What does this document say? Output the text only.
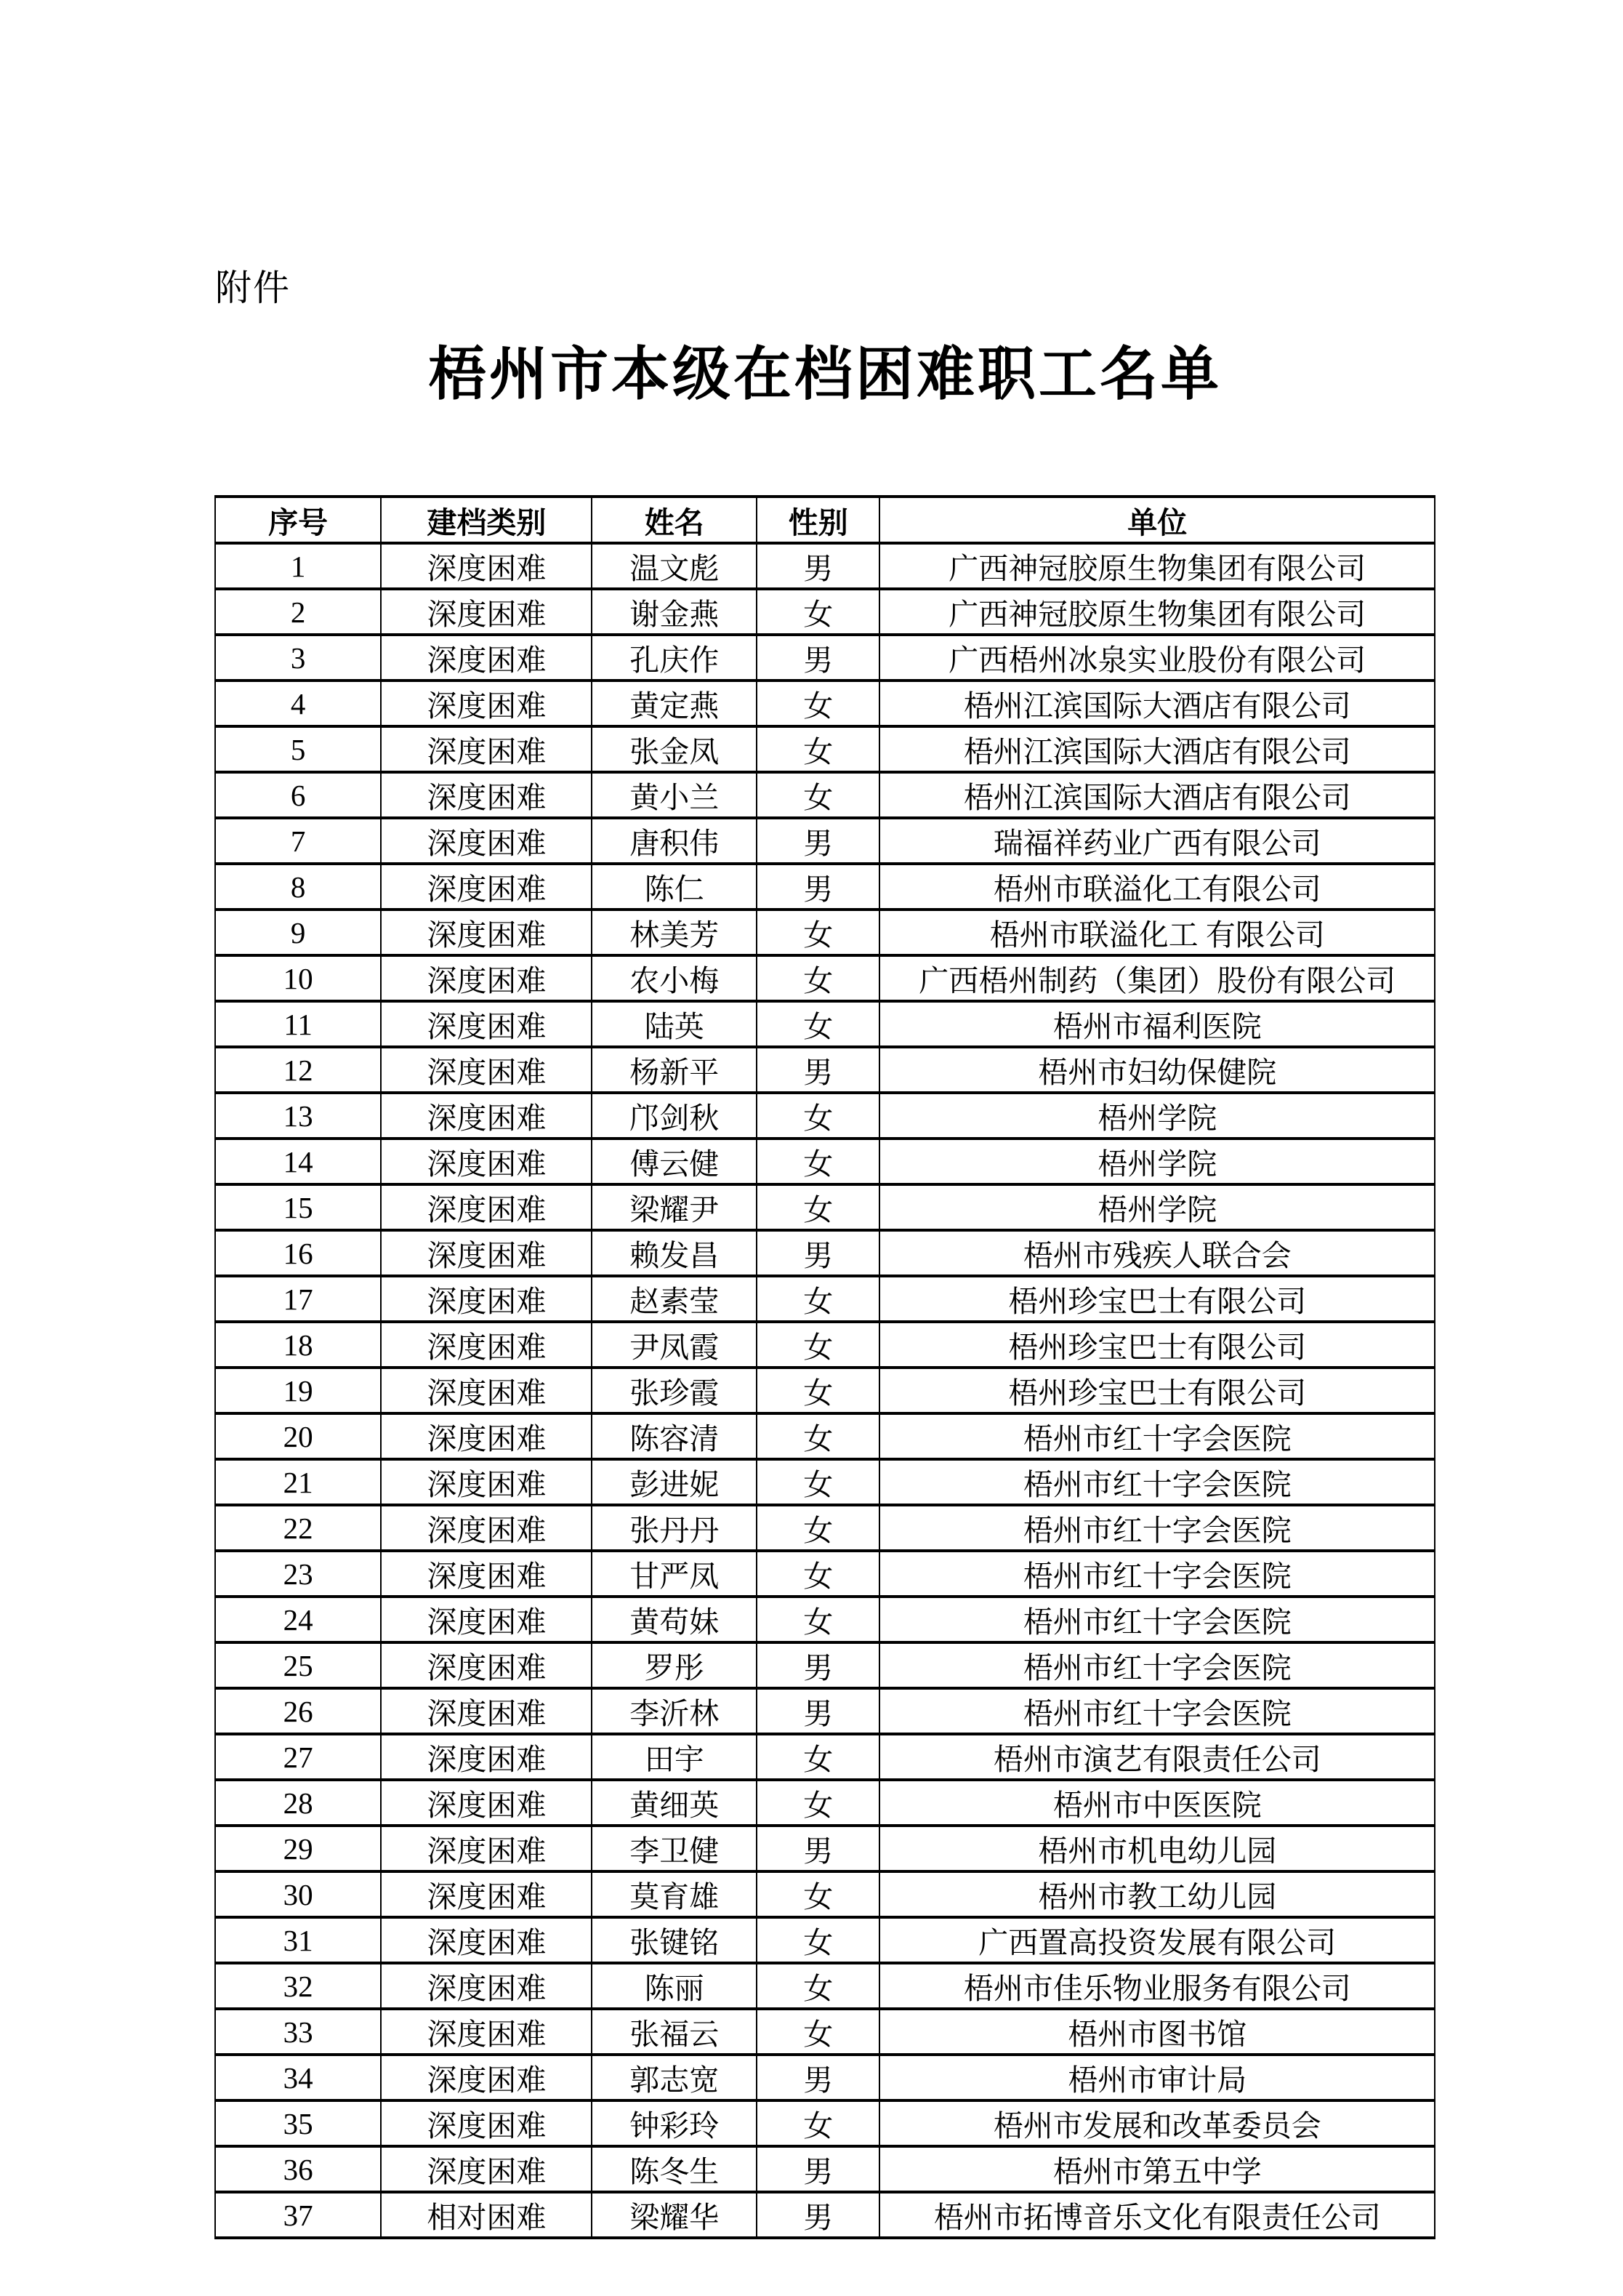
附件
梧州市本级在档困难职工名单
序号	建档类别	姓名	性别	单位
1	深度困难	温文彪	男	广西神冠胶原生物集团有限公司
2	深度困难	谢金燕	女	广西神冠胶原生物集团有限公司
3	深度困难	孔庆作	男	广西梧州冰泉实业股份有限公司
4	深度困难	黄定燕	女	梧州江滨国际大酒店有限公司
5	深度困难	张金凤	女	梧州江滨国际大酒店有限公司
6	深度困难	黄小兰	女	梧州江滨国际大酒店有限公司
7	深度困难	唐积伟	男	瑞福祥药业广西有限公司
8	深度困难	陈仁	男	梧州市联溢化工有限公司
9	深度困难	林美芳	女	梧州市联溢化工 有限公司
10	深度困难	农小梅	女	广西梧州制药（集团）股份有限公司
11	深度困难	陆英	女	梧州市福利医院
12	深度困难	杨新平	男	梧州市妇幼保健院
13	深度困难	邝剑秋	女	梧州学院
14	深度困难	傅云健	女	梧州学院
15	深度困难	梁耀尹	女	梧州学院
16	深度困难	赖发昌	男	梧州市残疾人联合会
17	深度困难	赵素莹	女	梧州珍宝巴士有限公司
18	深度困难	尹凤霞	女	梧州珍宝巴士有限公司
19	深度困难	张珍霞	女	梧州珍宝巴士有限公司
20	深度困难	陈容清	女	梧州市红十字会医院
21	深度困难	彭进妮	女	梧州市红十字会医院
22	深度困难	张丹丹	女	梧州市红十字会医院
23	深度困难	甘严凤	女	梧州市红十字会医院
24	深度困难	黄苟妹	女	梧州市红十字会医院
25	深度困难	罗彤	男	梧州市红十字会医院
26	深度困难	李沂林	男	梧州市红十字会医院
27	深度困难	田宇	女	梧州市演艺有限责任公司
28	深度困难	黄细英	女	梧州市中医医院
29	深度困难	李卫健	男	梧州市机电幼儿园
30	深度困难	莫育雄	女	梧州市教工幼儿园
31	深度困难	张键铭	女	广西置高投资发展有限公司
32	深度困难	陈丽	女	梧州市佳乐物业服务有限公司
33	深度困难	张福云	女	梧州市图书馆
34	深度困难	郭志宽	男	梧州市审计局
35	深度困难	钟彩玲	女	梧州市发展和改革委员会
36	深度困难	陈冬生	男	梧州市第五中学
37	相对困难	梁耀华	男	梧州市拓博音乐文化有限责任公司
